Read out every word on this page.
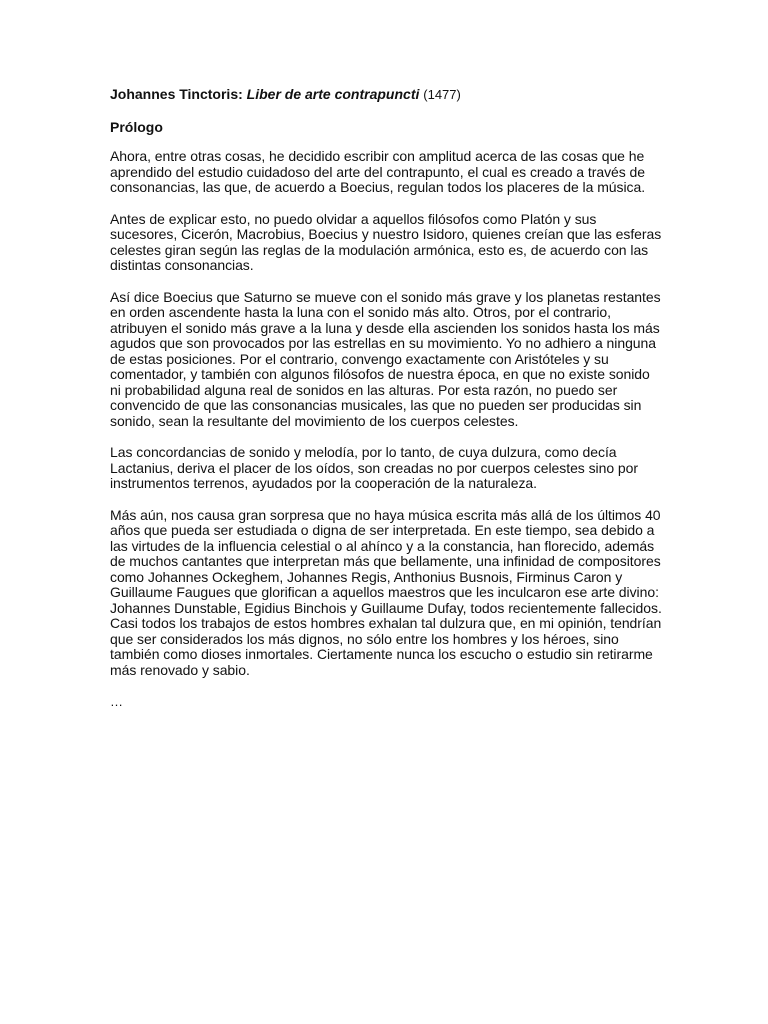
Johannes Tinctoris: Liber de arte contrapuncti (1477)

Prólogo

Ahora, entre otras cosas, he decidido escribir con amplitud acerca de las cosas que he aprendido del estudio cuidadoso del arte del contrapunto, el cual es creado a través de consonancias, las que, de acuerdo a Boecius, regulan todos los placeres de la música.

Antes de explicar esto, no puedo olvidar a aquellos filósofos como Platón y sus sucesores, Cicerón, Macrobius, Boecius y nuestro Isidoro, quienes creían que las esferas celestes giran según las reglas de la modulación armónica, esto es, de acuerdo con las distintas consonancias.

Así dice Boecius que Saturno se mueve con el sonido más grave y los planetas restantes en orden ascendente hasta la luna con el sonido más alto. Otros, por el contrario, atribuyen el sonido más grave a la luna y desde ella ascienden los sonidos hasta los más agudos que son provocados por las estrellas en su movimiento. Yo no adhiero a ninguna de estas posiciones. Por el contrario, convengo exactamente con Aristóteles y su comentador, y también con algunos filósofos de nuestra época, en que no existe sonido ni probabilidad alguna real de sonidos en las alturas. Por esta razón, no puedo ser convencido de que las consonancias musicales, las que no pueden ser producidas sin sonido, sean la resultante del movimiento de los cuerpos celestes.

Las concordancias de sonido y melodía, por lo tanto, de cuya dulzura, como decía Lactanius, deriva el placer de los oídos, son creadas no por cuerpos celestes sino por instrumentos terrenos, ayudados por la cooperación de la naturaleza.

Más aún, nos causa gran sorpresa que no haya música escrita más allá de los últimos 40 años que pueda ser estudiada o digna de ser interpretada. En este tiempo, sea debido a las virtudes de la influencia celestial o al ahínco y a la constancia, han florecido, además de muchos cantantes que interpretan más que bellamente, una infinidad de compositores como Johannes Ockeghem, Johannes Regis, Anthonius Busnois, Firminus Caron y Guillaume Faugues que glorifican a aquellos maestros que les inculcaron ese arte divino: Johannes Dunstable, Egidius Binchois y Guillaume Dufay, todos recientemente fallecidos. Casi todos los trabajos de estos hombres exhalan tal dulzura que, en mi opinión, tendrían que ser considerados los más dignos, no sólo entre los hombres y los héroes, sino también como dioses inmortales. Ciertamente nunca los escucho o estudio sin retirarme más renovado y sabio.

…
